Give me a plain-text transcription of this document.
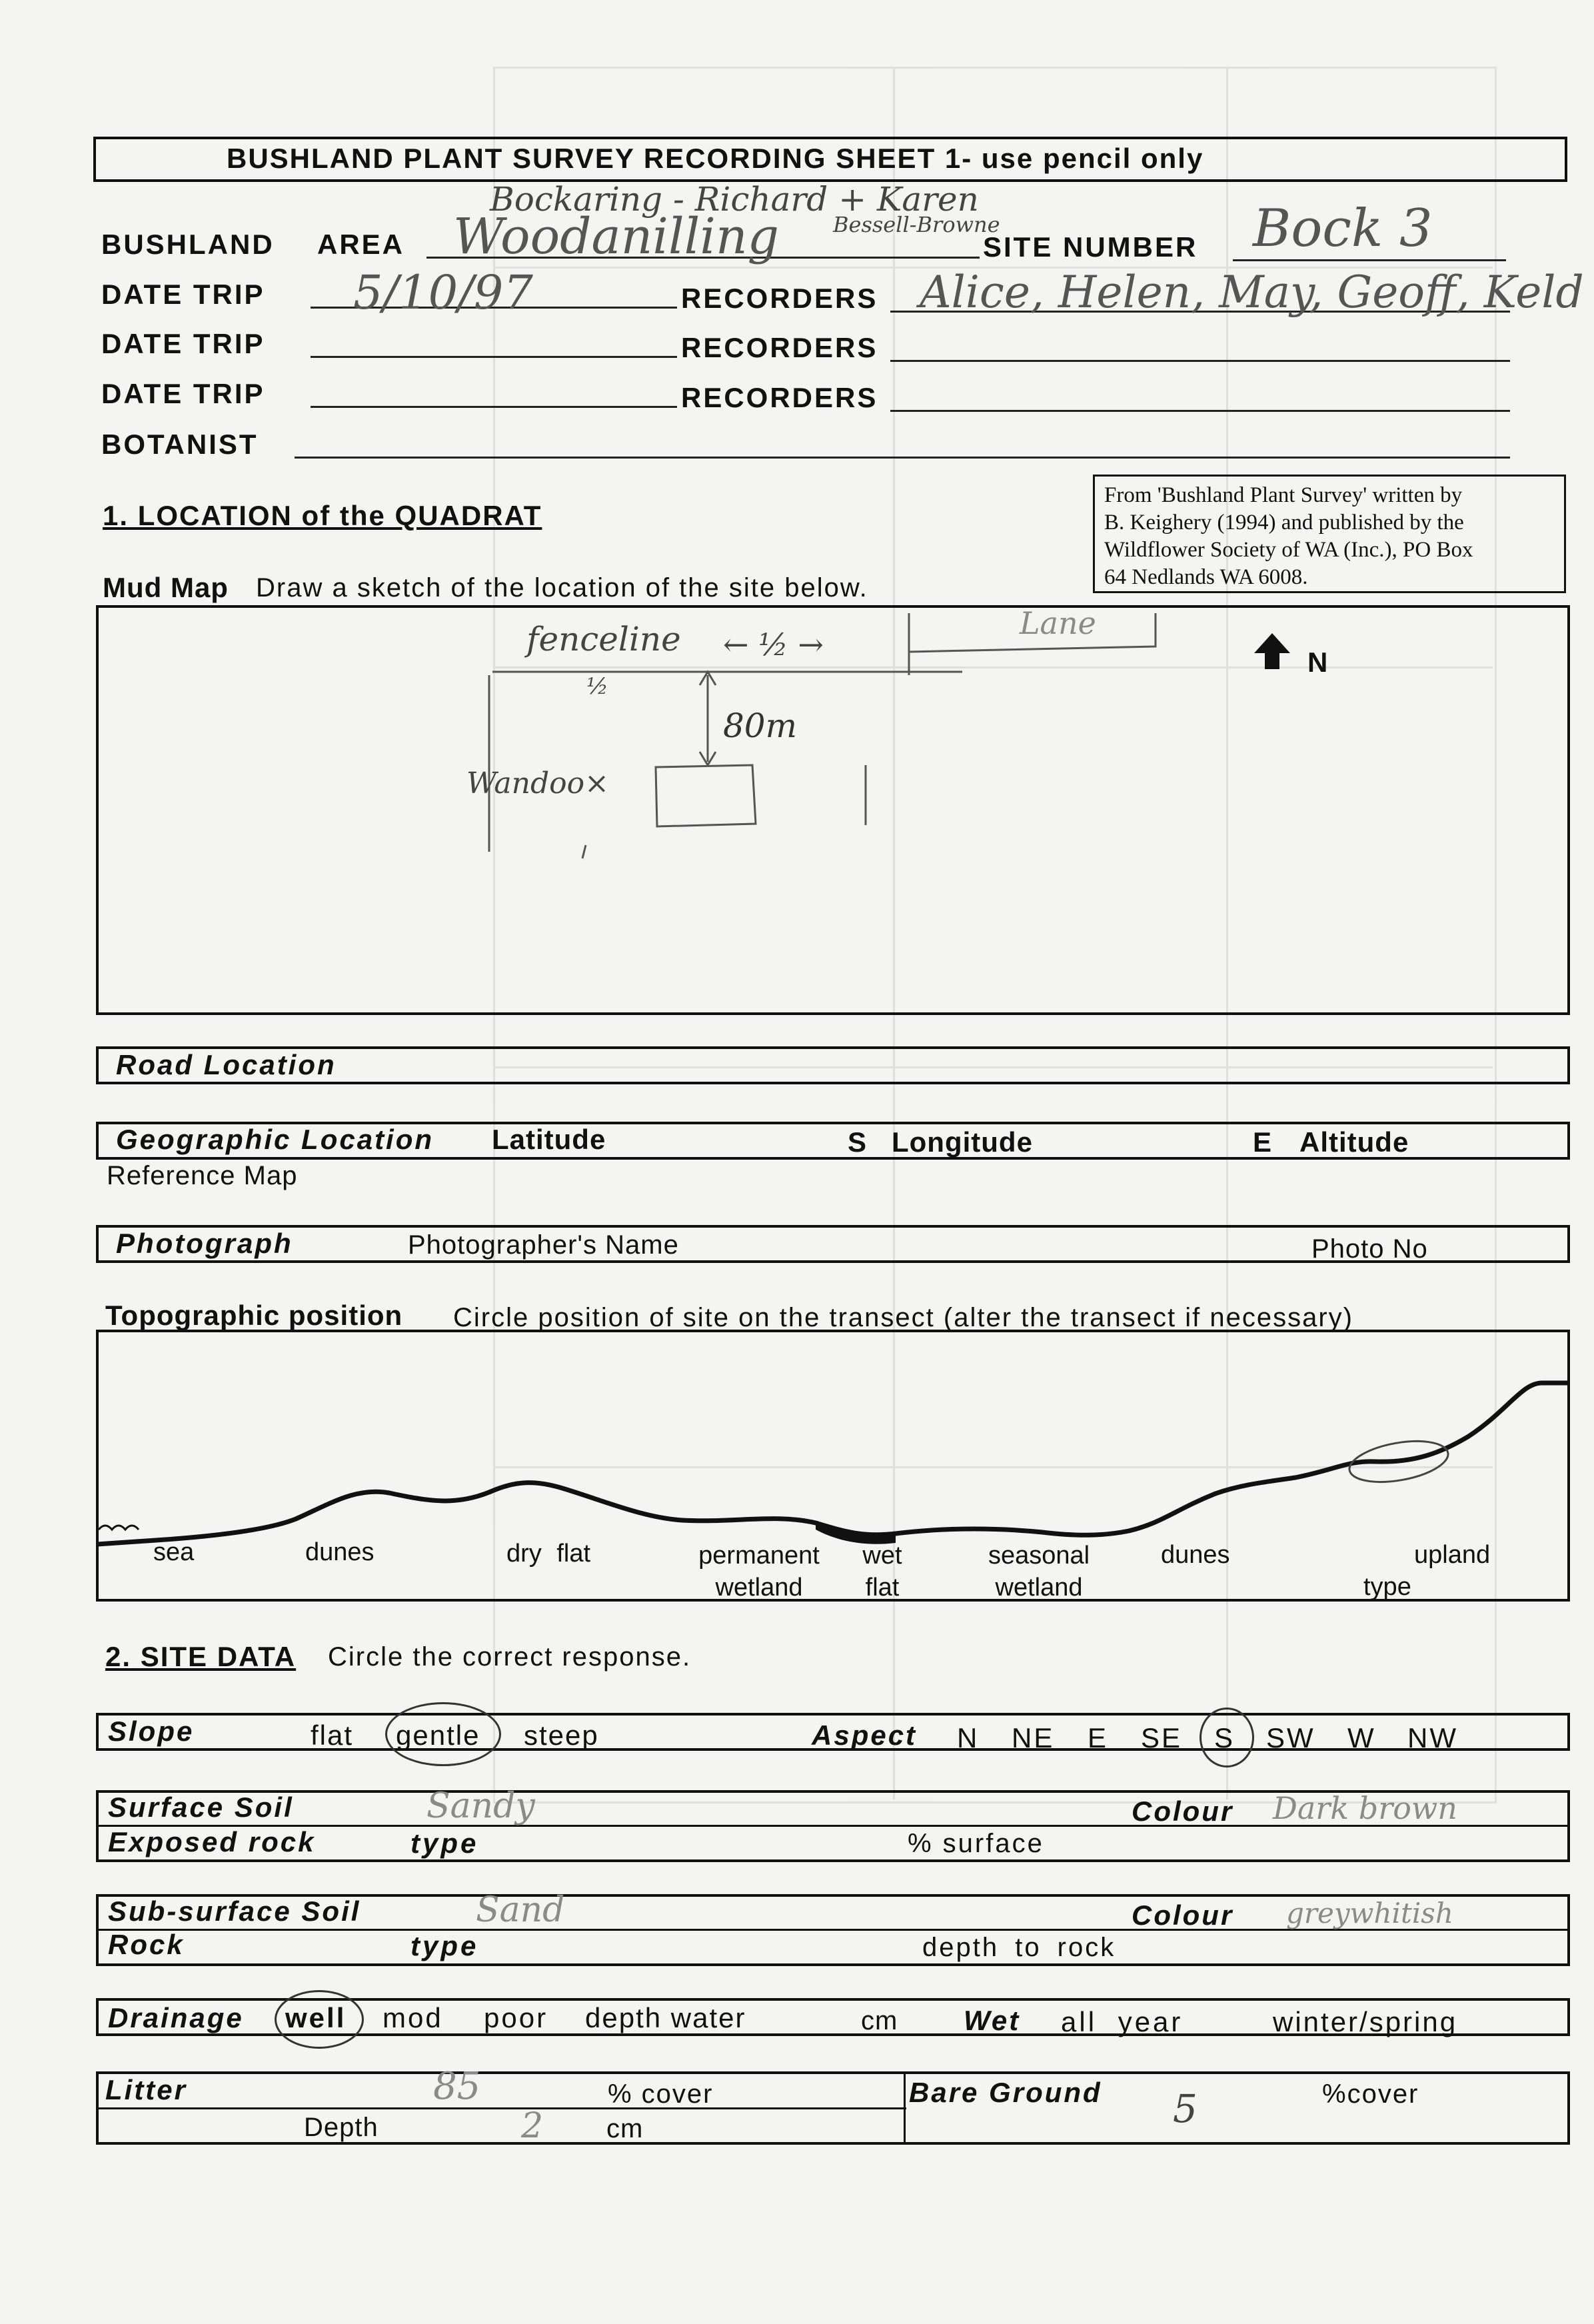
BUSHLAND PLANT SURVEY RECORDING SHEET 1- use pencil only
BUSHLAND AREA
Bockaring - Richard + Karen
Woodanilling	Bessell-Browne
SITE NUMBER Bock 3
DATE TRIP 5/10/97	RECORDERS Alice, Helen, May, Geoff, Keld
DATE TRIP	RECORDERS
DATE TRIP	RECORDERS
BOTANIST
1. LOCATION of the QUADRAT
From 'Bushland Plant Survey' written by
B. Keighery (1994) and published by the
Wildflower Society of WA (Inc.), PO Box
64 Nedlands WA 6008.
Mud Map Draw a sketch of the location of the site below.
fenceline ← ½ →
Lane
½
80m
Wandoo×
N
Road Location
Geographic Location Latitude	S Longitude	E Altitude
Reference Map
Photograph	Photographer's Name	Photo No
Topographic position Circle position of site on the transect (alter the transect if necessary)
sea	dunes	dry flat	permanent wetland
wet flat
seasonal wetland
dunes	upland
type
2. SITE DATA Circle the correct response.
Slope	flat gentle steep	Aspect N NE E SE S SW W NW
Surface Soil	Sandy	Colour Dark brown
Exposed rock	type	% surface
Sub-surface Soil	Sand	Colour greywhitish
Rock	type	depth to rock
Drainage well mod poor depth water	cm Wet all year	winter/spring
Litter	85	% cover
Depth	2 cm
Bare Ground 5	%cover
